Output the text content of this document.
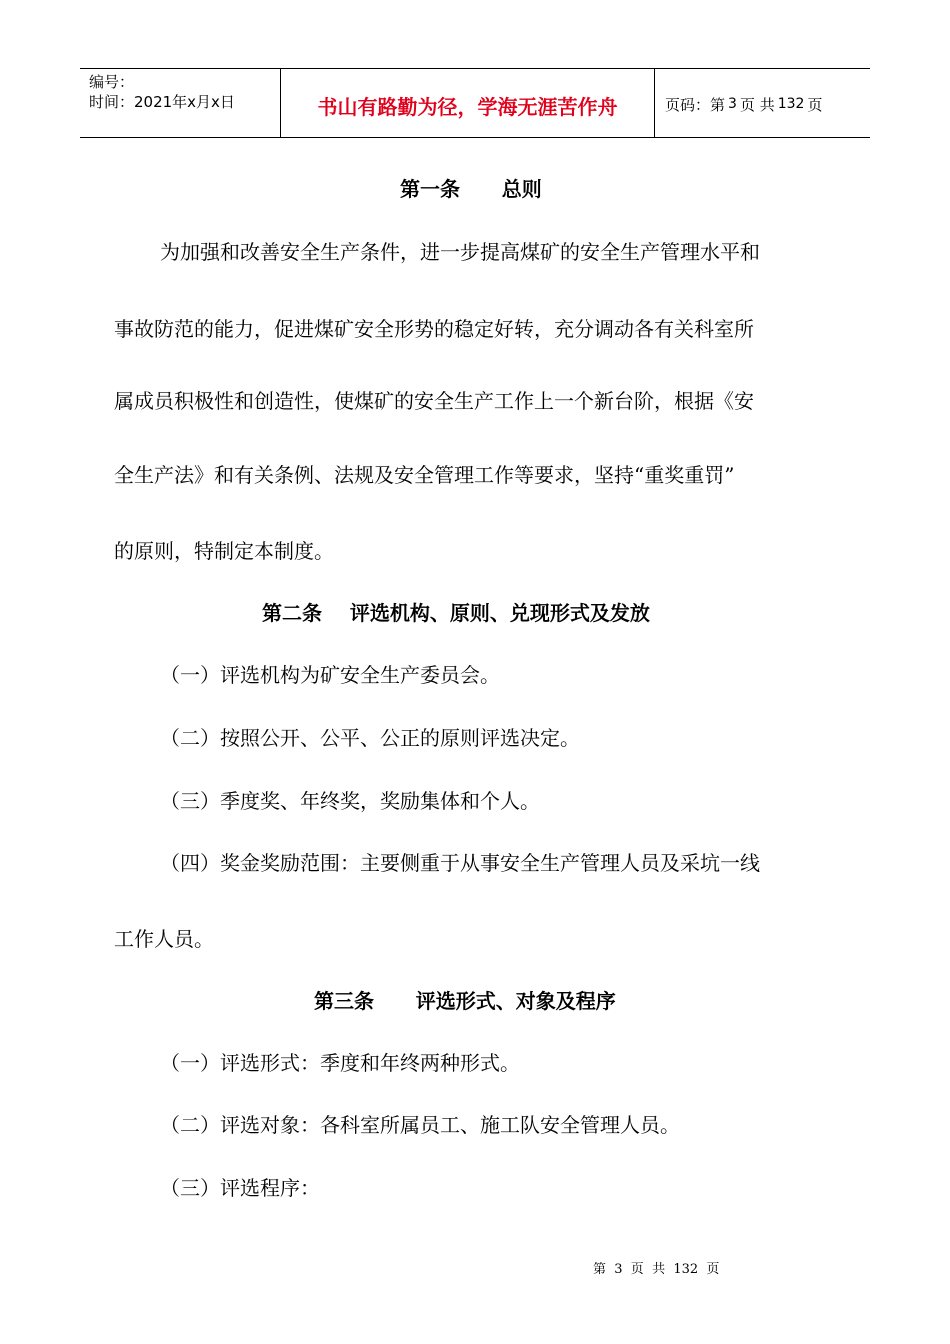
编号：
时间：2021年x月x日	书山有路勤为径，学海无涯苦作舟	页码：第 3 页 共 132 页
第一条      总则
为加强和改善安全生产条件，进一步提高煤矿的安全生产管理水平和
事故防范的能力，促进煤矿安全形势的稳定好转，充分调动各有关科室所
属成员积极性和创造性，使煤矿的安全生产工作上一个新台阶，根据《安
全生产法》和有关条例、法规及安全管理工作等要求，坚持“重奖重罚”
的原则，特制定本制度。
第二条    评选机构、原则、兑现形式及发放
（一）评选机构为矿安全生产委员会。
（二）按照公开、公平、公正的原则评选决定。
（三）季度奖、年终奖，奖励集体和个人。
（四）奖金奖励范围：主要侧重于从事安全生产管理人员及采坑一线
工作人员。
第三条      评选形式、对象及程序
（一）评选形式：季度和年终两种形式。
（二）评选对象：各科室所属员工、施工队安全管理人员。
（三）评选程序：
第  3  页  共  132  页
